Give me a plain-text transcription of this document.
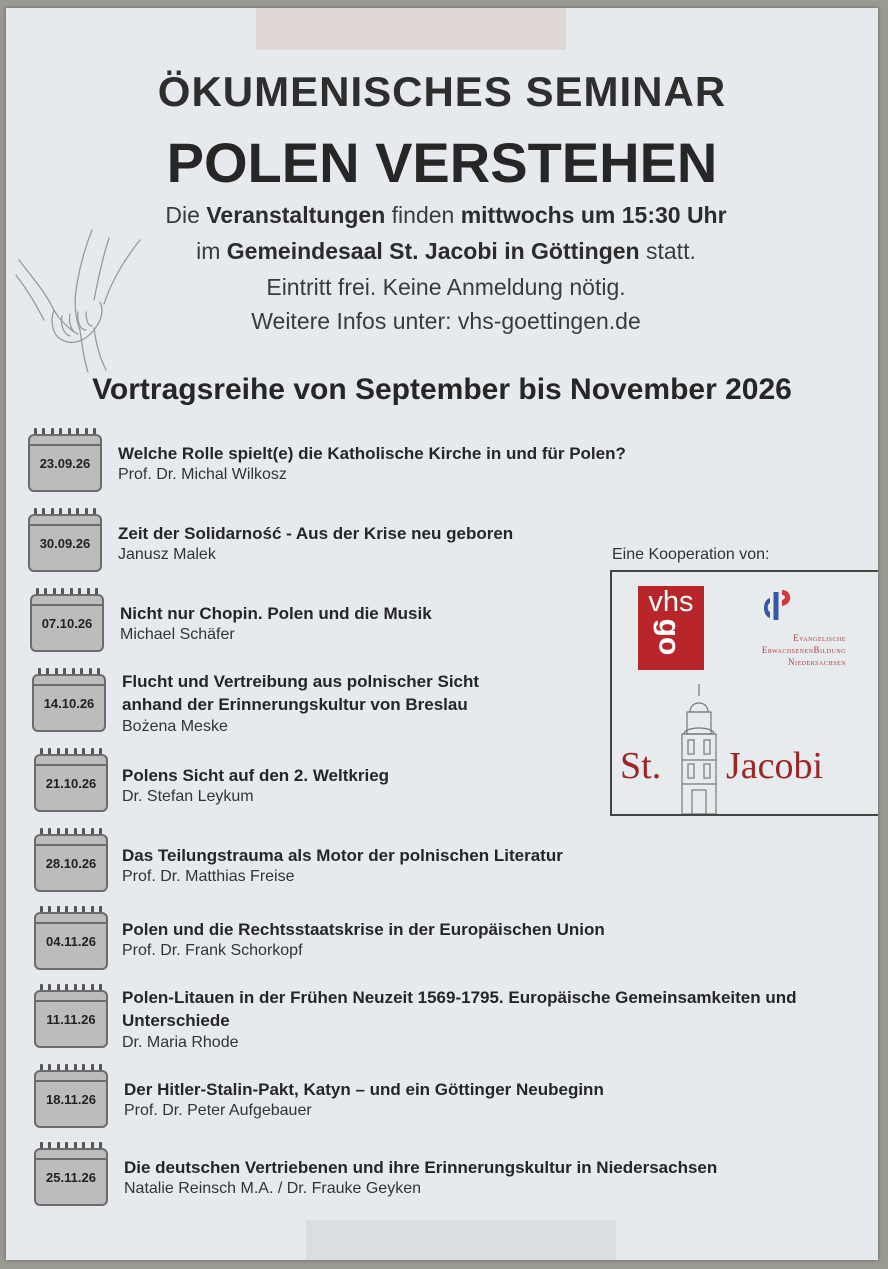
ÖKUMENISCHES SEMINAR
POLEN VERSTEHEN
Die Veranstaltungen finden mittwochs um 15:30 Uhr
im Gemeindesaal St. Jacobi in Göttingen statt.
Eintritt frei. Keine Anmeldung nötig.
Weitere Infos unter: vhs-goettingen.de
Vortragsreihe von September bis November 2026
23.09.26
Welche Rolle spielt(e) die Katholische Kirche in und für Polen?
Prof. Dr. Michal Wilkosz
30.09.26
Zeit der Solidarność - Aus der Krise neu geboren
Janusz Malek
07.10.26
Nicht nur Chopin. Polen und die Musik
Michael Schäfer
14.10.26
Flucht und Vertreibung aus polnischer Sicht anhand der Erinnerungskultur von Breslau
Bożena Meske
21.10.26	Polens Sicht auf den 2. Weltkrieg
Dr. Stefan Leykum
28.10.26	Das Teilungstrauma als Motor der polnischen Literatur
Prof. Dr. Matthias Freise
04.11.26
Polen und die Rechtsstaatskrise in der Europäischen Union
Prof. Dr. Frank Schorkopf
11.11.26
Polen-Litauen in der Frühen Neuzeit 1569-1795. Europäische Gemeinsamkeiten und Unterschiede
Dr. Maria Rhode
18.11.26
Der Hitler-Stalin-Pakt, Katyn – und ein Göttinger Neubeginn
Prof. Dr. Peter Aufgebauer
25.11.26
Die deutschen Vertriebenen und ihre Erinnerungskultur in Niedersachsen
Natalie Reinsch M.A. / Dr. Frauke Geyken
Eine Kooperation von:
vhs
go	Evangelische
ErwachsenenBildung
Niedersachsen
St. Jacobi
